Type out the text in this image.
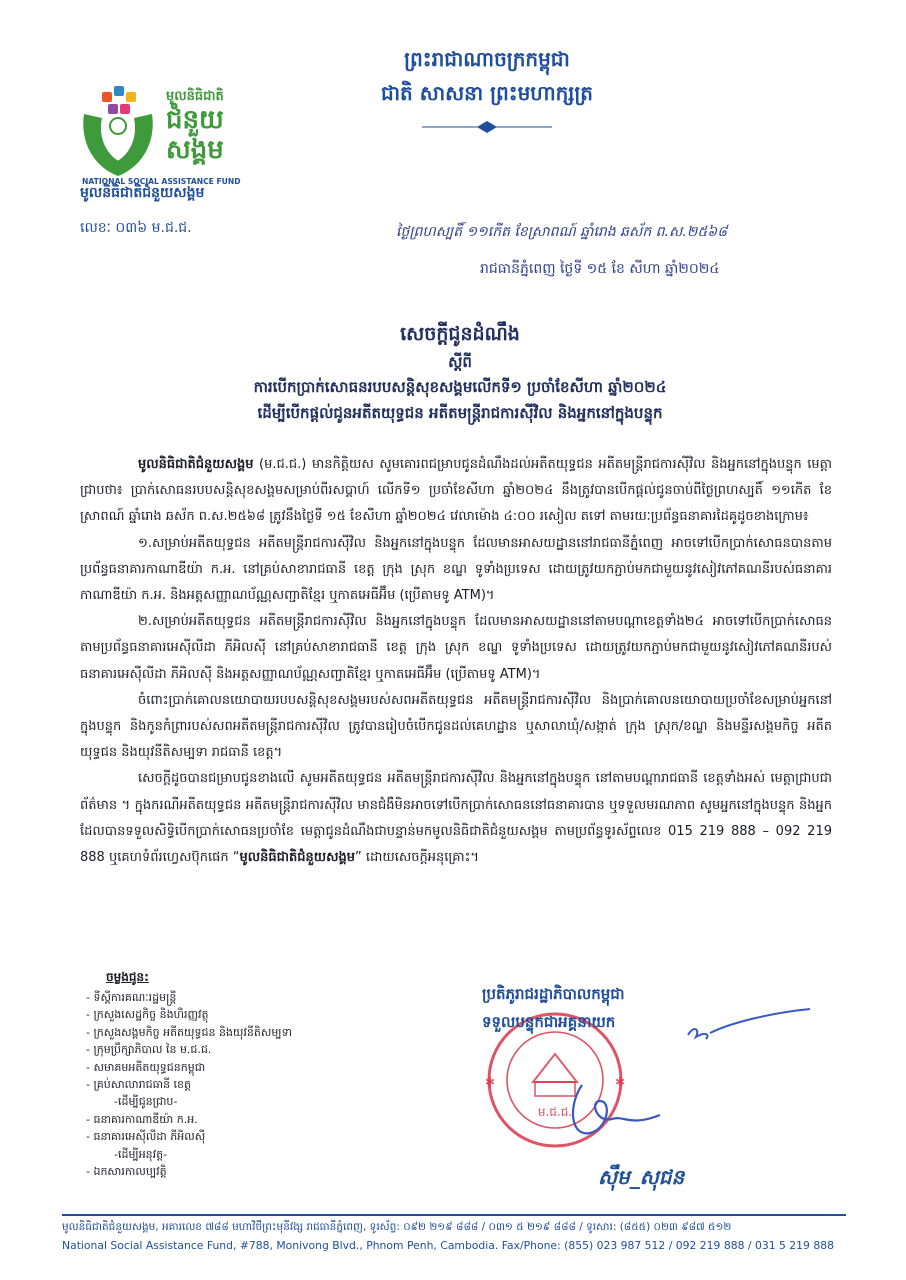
មូលនិធិជាតិ
ជំនួយ
សង្គម
NATIONAL SOCIAL ASSISTANCE FUND
មូលនិធិជាតិជំនួយសង្គម
ព្រះរាជាណាចក្រកម្ពុជា
ជាតិ សាសនា ព្រះមហាក្សត្រ
លេខៈ ០៣៦ ម.ជ.ជ.	ថ្ងៃព្រហស្បតិ៍ ១១កើត ខែស្រាពណ៍ ឆ្នាំរោង ឆស័ក ព.ស.២៥៦៨
រាជធានីភ្នំពេញ ថ្ងៃទី ១៥ ខែ សីហា ឆ្នាំ២០២៤
សេចក្តីជូនដំណឹង
ស្តីពី
ការបើកប្រាក់សោធនរបបសន្តិសុខសង្គមលើកទី១ ប្រចាំខែសីហា ឆ្នាំ២០២៤
ដើម្បីបើកផ្តល់ជូនអតីតយុទ្ធជន អតីតមន្ត្រីរាជការស៊ីវិល និងអ្នកនៅក្នុងបន្ទុក

មូលនិធិជាតិជំនួយសង្គម (ម.ជ.ជ.) មានកិត្តិយស សូមគោរពជម្រាបជូនដំណឹងដល់អតីតយុទ្ធជន អតីតមន្ត្រីរាជការស៊ីវិល និងអ្នកនៅក្នុងបន្ទុក មេត្តាជ្រាបថា៖ ប្រាក់សោធនរបបសន្តិសុខសង្គមសម្រាប់ពីរសប្តាហ៍ លើកទី១ ប្រចាំខែសីហា ឆ្នាំ២០២៤ នឹងត្រូវបានបើកផ្តល់ជូនចាប់ពីថ្ងៃព្រហស្បតិ៍ ១១កើត ខែស្រាពណ៍ ឆ្នាំរោង ឆស័ក ព.ស.២៥៦៨ ត្រូវនឹងថ្ងៃទី ១៥ ខែសីហា ឆ្នាំ២០២៤ វេលាម៉ោង ៤:០០ រសៀល តទៅ តាមរយៈប្រព័ន្ធធនាគារដៃគូដូចខាងក្រោម៖

១.សម្រាប់អតីតយុទ្ធជន អតីតមន្ត្រីរាជការស៊ីវិល និងអ្នកនៅក្នុងបន្ទុក ដែលមានអាសយដ្ឋាននៅរាជធានីភ្នំពេញ អាចទៅបើកប្រាក់សោធនបានតាមប្រព័ន្ធធនាគារកាណាឌីយ៉ា ក.អ. នៅគ្រប់សាខារាជធានី ខេត្ត ក្រុង ស្រុក ខណ្ឌ ទូទាំងប្រទេស ដោយត្រូវយកភ្ជាប់មកជាមួយនូវសៀវភៅគណនីរបស់ធនាគារកាណាឌីយ៉ា ក.អ. និងអត្តសញ្ញាណប័ណ្ណសញ្ជាតិខ្មែរ ឬកាតអេធីអ៊ឹម (ប្រើតាមទូ ATM)។

២.សម្រាប់អតីតយុទ្ធជន អតីតមន្ត្រីរាជការស៊ីវិល និងអ្នកនៅក្នុងបន្ទុក ដែលមានអាសយដ្ឋាននៅតាមបណ្តាខេត្តទាំង២៤ អាចទៅបើកប្រាក់សោធនតាមប្រព័ន្ធធនាគារអេស៊ីលីដា ភីអិលស៊ី នៅគ្រប់សាខារាជធានី ខេត្ត ក្រុង ស្រុក ខណ្ឌ ទូទាំងប្រទេស ដោយត្រូវយកភ្ជាប់មកជាមួយនូវសៀវភៅគណនីរបស់ធនាគារអេស៊ីលីដា ភីអិលស៊ី និងអត្តសញ្ញាណប័ណ្ណសញ្ជាតិខ្មែរ ឬកាតអេធីអ៊ឹម (ប្រើតាមទូ ATM)។

ចំពោះប្រាក់គោលនយោបាយរបបសន្តិសុខសង្គមរបស់សពអតីតយុទ្ធជន អតីតមន្ត្រីរាជការស៊ីវិល និងប្រាក់គោលនយោបាយប្រចាំខែសម្រាប់អ្នកនៅក្នុងបន្ទុក និងកូនកំព្រារបស់សពអតីតមន្ត្រីរាជការស៊ីវិល ត្រូវបានរៀបចំបើកជូនដល់គេហដ្ឋាន ឬសាលាឃុំ/សង្កាត់ ក្រុង ស្រុក/ខណ្ឌ និងមន្ទីរសង្គមកិច្ច អតីតយុទ្ធជន និងយុវនីតិសម្បទា រាជធានី ខេត្ត។

សេចក្តីដូចបានជម្រាបជូនខាងលើ សូមអតីតយុទ្ធជន អតីតមន្ត្រីរាជការស៊ីវិល និងអ្នកនៅក្នុងបន្ទុក នៅតាមបណ្តារាជធានី ខេត្តទាំងអស់ មេត្តាជ្រាបជាព័ត៌មាន ។ ក្នុងករណីអតីតយុទ្ធជន អតីតមន្ត្រីរាជការស៊ីវិល មានជំងឺមិនអាចទៅបើកប្រាក់សោធននៅធនាគារបាន ឬទទួលមរណភាព សូមអ្នកនៅក្នុងបន្ទុក និងអ្នកដែលបានទទួលសិទ្ធិបើកប្រាក់សោធនប្រចាំខែ មេត្តាជូនដំណឹងជាបន្ទាន់មកមូលនិធិជាតិជំនួយសង្គម តាមប្រព័ន្ធទូរស័ព្ទលេខ 015 219 888 – 092 219 888 ឬគេហទំព័រហ្វេសប៊ុកផេក “មូលនិធិជាតិជំនួយសង្គម” ដោយសេចក្តីអនុគ្រោះ។

ចម្លងជូន:
- ទីស្តីការគណៈរដ្ឋមន្ត្រី
- ក្រសួងសេដ្ឋកិច្ច និងហិរញ្ញវត្ថុ
- ក្រសួងសង្គមកិច្ច អតីតយុទ្ធជន និងយុវនីតិសម្បទា
- ក្រុមប្រឹក្សាភិបាល នៃ ម.ជ.ជ.
- សមាគមអតីតយុទ្ធជនកម្ពុជា
- គ្រប់សាលារាជធានី ខេត្ត
-ដើម្បីជូនជ្រាប-
- ធនាគារកាណាឌីយ៉ា ក.អ.
- ធនាគារអេស៊ីលីដា ភីអិលស៊ី
-ដើម្បីអនុវត្ត-
- ឯកសារកាលប្បវត្តិ
ម.ជ.ជ.
✱	✱
ប្រតិភូរាជរដ្ឋាភិបាលកម្ពុជា
ទទួលបន្ទុកជាអគ្គនាយក
ស៊ឹម_សុជន
មូលនិធិជាតិជំនួយសង្គម, អគារលេខ ៧៨៨ មហាវិថីព្រះមុនីវង្ស រាជធានីភ្នំពេញ, ទូរស័ព្ទ: ០៩២ ២១៩ ៨៨៨ / ០៣១ ៥ ២១៩ ៨៨៨ / ទូរសារ: (៨៥៥) ០២៣ ៩៨៧ ៥១២
National Social Assistance Fund, #788, Monivong Blvd., Phnom Penh, Cambodia. Fax/Phone: (855) 023 987 512 / 092 219 888 / 031 5 219 888
